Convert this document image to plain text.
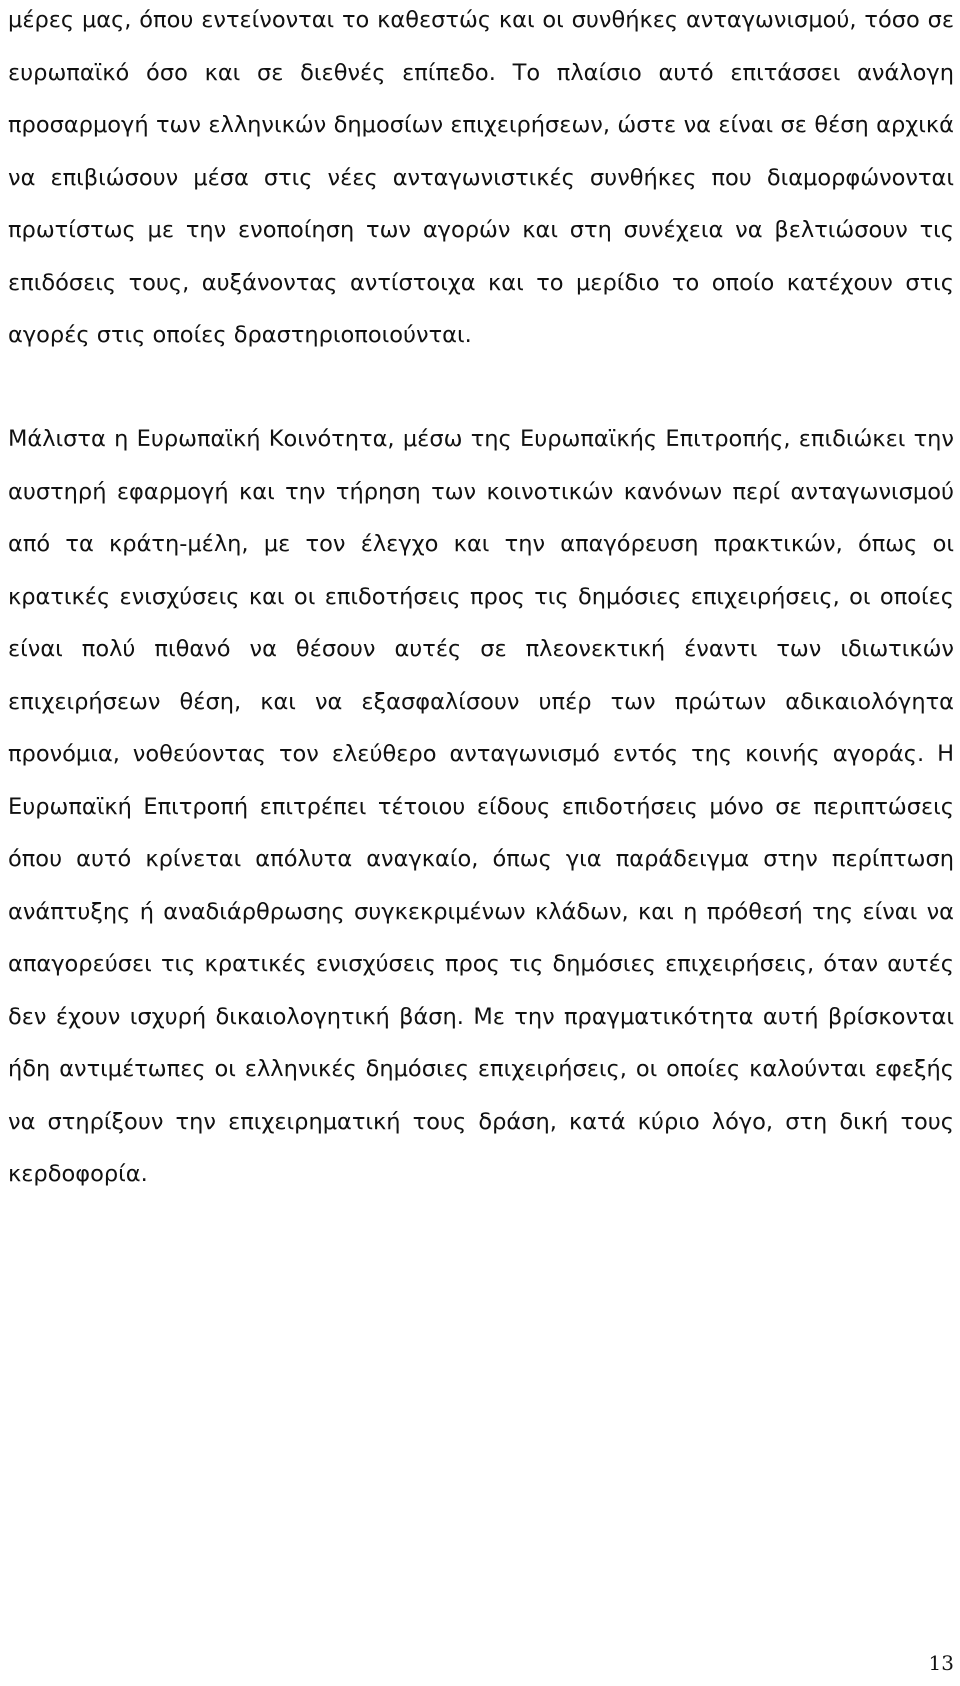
μέρες μας, όπου εντείνονται το καθεστώς και οι συνθήκες ανταγωνισμού, τόσο σε ευρωπαϊκό όσο και σε διεθνές επίπεδο. Το πλαίσιο αυτό επιτάσσει ανάλογη προσαρμογή των ελληνικών δημοσίων επιχειρήσεων, ώστε να είναι σε θέση αρχικά να επιβιώσουν μέσα στις νέες ανταγωνιστικές συνθήκες που διαμορφώνονται πρωτίστως με την ενοποίηση των αγορών και στη συνέχεια να βελτιώσουν τις επιδόσεις τους, αυξάνοντας αντίστοιχα και το μερίδιο το οποίο κατέχουν στις αγορές στις οποίες δραστηριοποιούνται.

Μάλιστα η Ευρωπαϊκή Κοινότητα, μέσω της Ευρωπαϊκής Επιτροπής, επιδιώκει την αυστηρή εφαρμογή και την τήρηση των κοινοτικών κανόνων περί ανταγωνισμού από τα κράτη-μέλη, με τον έλεγχο και την απαγόρευση πρακτικών, όπως οι κρατικές ενισχύσεις και οι επιδοτήσεις προς τις δημόσιες επιχειρήσεις, οι οποίες είναι πολύ πιθανό να θέσουν αυτές σε πλεονεκτική έναντι των ιδιωτικών επιχειρήσεων θέση, και να εξασφαλίσουν υπέρ των πρώτων αδικαιολόγητα προνόμια, νοθεύοντας τον ελεύθερο ανταγωνισμό εντός της κοινής αγοράς. Η Ευρωπαϊκή Επιτροπή επιτρέπει τέτοιου είδους επιδοτήσεις μόνο σε περιπτώσεις όπου αυτό κρίνεται απόλυτα αναγκαίο, όπως για παράδειγμα στην περίπτωση ανάπτυξης ή αναδιάρθρωσης συγκεκριμένων κλάδων, και η πρόθεσή της είναι να απαγορεύσει τις κρατικές ενισχύσεις προς τις δημόσιες επιχειρήσεις, όταν αυτές δεν έχουν ισχυρή δικαιολογητική βάση. Με την πραγματικότητα αυτή βρίσκονται ήδη αντιμέτωπες οι ελληνικές δημόσιες επιχειρήσεις, οι οποίες καλούνται εφεξής να στηρίξουν την επιχειρηματική τους δράση, κατά κύριο λόγο, στη δική τους κερδοφορία.

13
